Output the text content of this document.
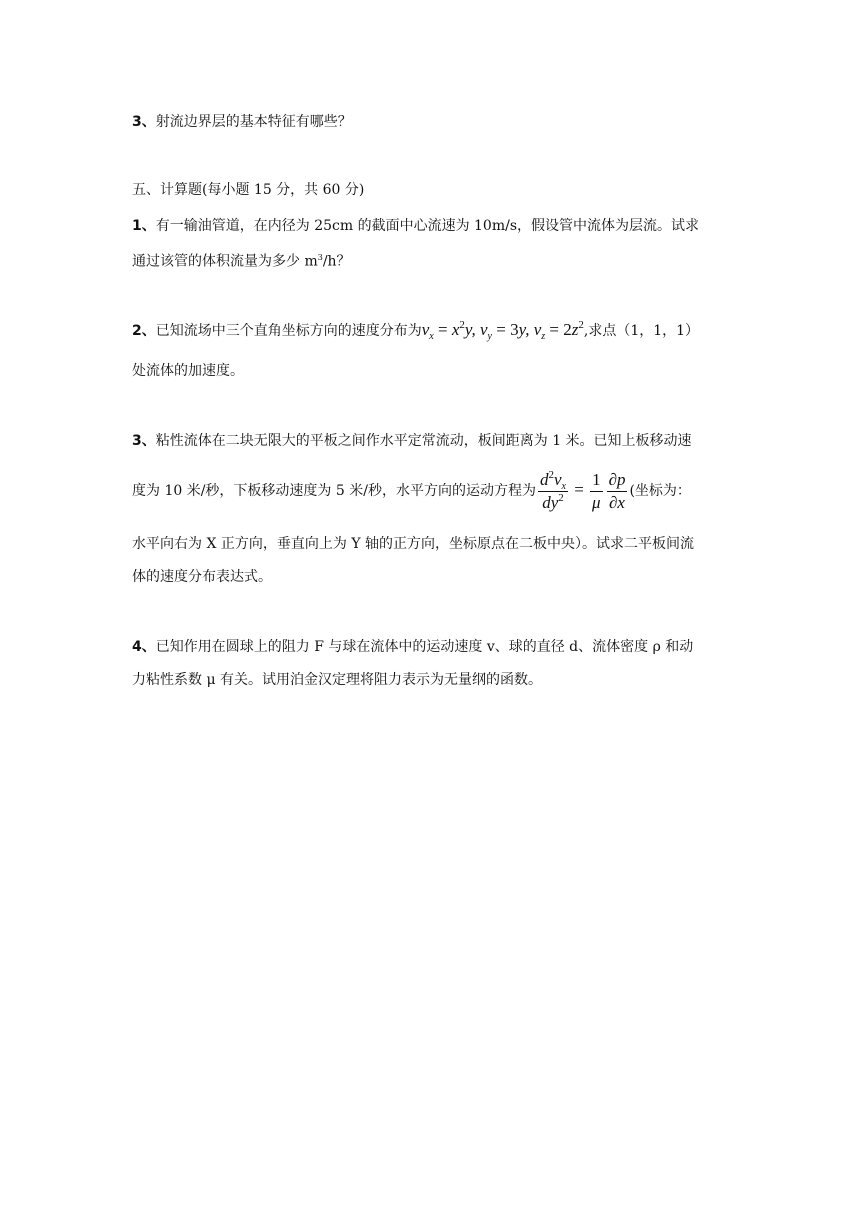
3、射流边界层的基本特征有哪些？
五、计算题(每小题 15 分，共 60 分)
1、有一输油管道，在内径为 25cm 的截面中心流速为 10m/s，假设管中流体为层流。试求
通过该管的体积流量为多少 $m^3/h$？
2、已知流场中三个直角坐标方向的速度分布为$v_x = x^2y$, $v_y = 3y$, $v_z = 2z^2$,求点（1，1，1）
处流体的加速度。
3、粘性流体在二块无限大的平板之间作水平定常流动，板间距离为 1 米。已知上板移动速
度为 10 米/秒，下板移动速度为 5 米/秒，水平方向的运动方程为 $\frac{d^2v_x}{dy^2} = \frac{1}{\mu} \frac{\partial p}{\partial x}$ (坐标为：
水平向右为 X 正方向，垂直向上为 Y 轴的正方向，坐标原点在二板中央）。试求二平板间流
体的速度分布表达式。
4、已知作用在圆球上的阻力 F 与球在流体中的运动速度 v、球的直径 d、流体密度 ρ 和动
力粘性系数 μ 有关。试用泊金汉定理将阻力表示为无量纲的函数。
